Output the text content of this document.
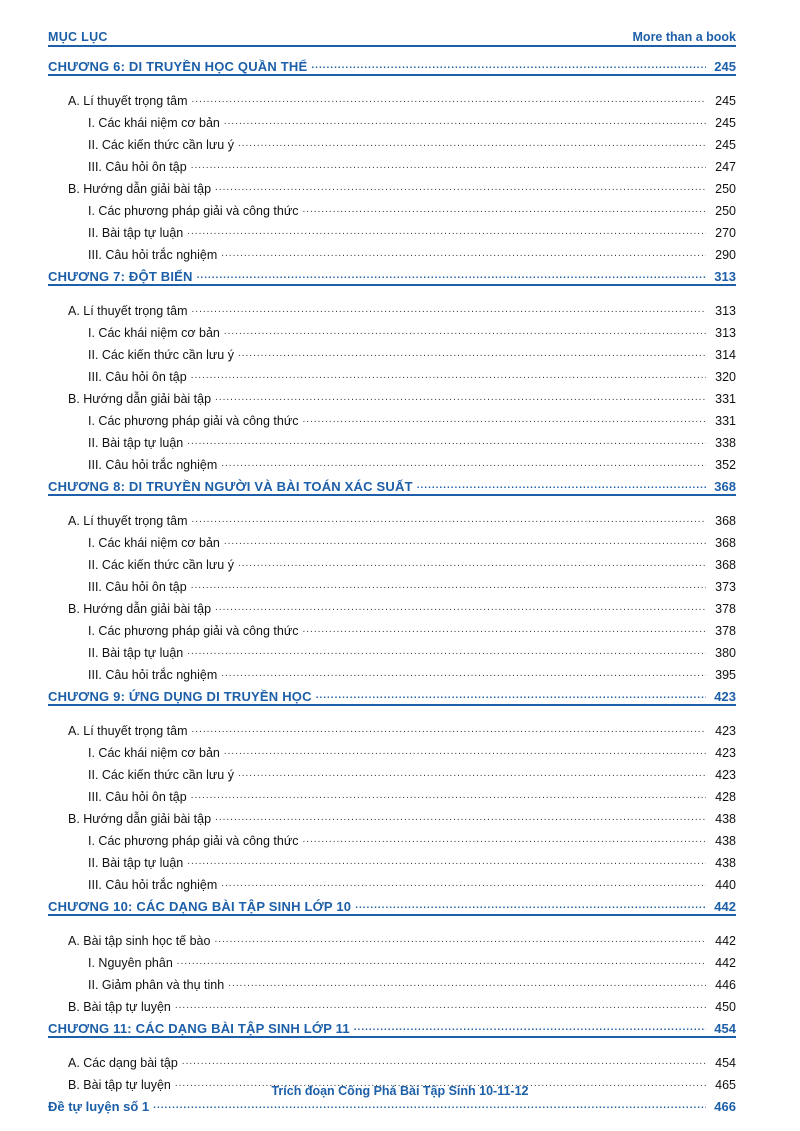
MỤC LỤC	More than a book
CHƯƠNG 6: DI TRUYỀN HỌC QUẦN THỂ .....	245
A. Lí thuyết trọng tâm .....	245
I. Các khái niệm cơ bản .....	245
II. Các kiến thức cần lưu ý .....	245
III. Câu hỏi ôn tập .....	247
B. Hướng dẫn giải bài tập .....	250
I. Các phương pháp giải và công thức .....	250
II. Bài tập tự luận .....	270
III. Câu hỏi trắc nghiệm .....	290
CHƯƠNG 7: ĐỘT BIẾN .....	313
A. Lí thuyết trọng tâm .....	313
I. Các khái niệm cơ bản .....	313
II. Các kiến thức cần lưu ý .....	314
III. Câu hỏi ôn tập .....	320
B. Hướng dẫn giải bài tập .....	331
I. Các phương pháp giải và công thức .....	331
II. Bài tập tự luận .....	338
III. Câu hỏi trắc nghiệm .....	352
CHƯƠNG 8: DI TRUYỀN NGƯỜI VÀ BÀI TOÁN XÁC SUẤT .....	368
A. Lí thuyết trọng tâm .....	368
I. Các khái niệm cơ bản .....	368
II. Các kiến thức cần lưu ý .....	368
III. Câu hỏi ôn tập .....	373
B. Hướng dẫn giải bài tập .....	378
I. Các phương pháp giải và công thức .....	378
II. Bài tập tự luận .....	380
III. Câu hỏi trắc nghiệm .....	395
CHƯƠNG 9: ỨNG DỤNG DI TRUYỀN HỌC .....	423
A. Lí thuyết trọng tâm .....	423
I. Các khái niệm cơ bản .....	423
II. Các kiến thức cần lưu ý .....	423
III. Câu hỏi ôn tập .....	428
B. Hướng dẫn giải bài tập .....	438
I. Các phương pháp giải và công thức .....	438
II. Bài tập tự luận .....	438
III. Câu hỏi trắc nghiệm .....	440
CHƯƠNG 10: CÁC DẠNG BÀI TẬP SINH LỚP 10 .....	442
A. Bài tập sinh học tế bào .....	442
I. Nguyên phân .....	442
II. Giảm phân và thụ tinh .....	446
B. Bài tập tự luyện .....	450
CHƯƠNG 11: CÁC DẠNG BÀI TẬP SINH LỚP 11 .....	454
A. Các dạng bài tập .....	454
B. Bài tập tự luyện .....	465
Đề tự luyện số 1 .....	466
Trích đoạn Công Phá Bài Tập Sinh 10-11-12
